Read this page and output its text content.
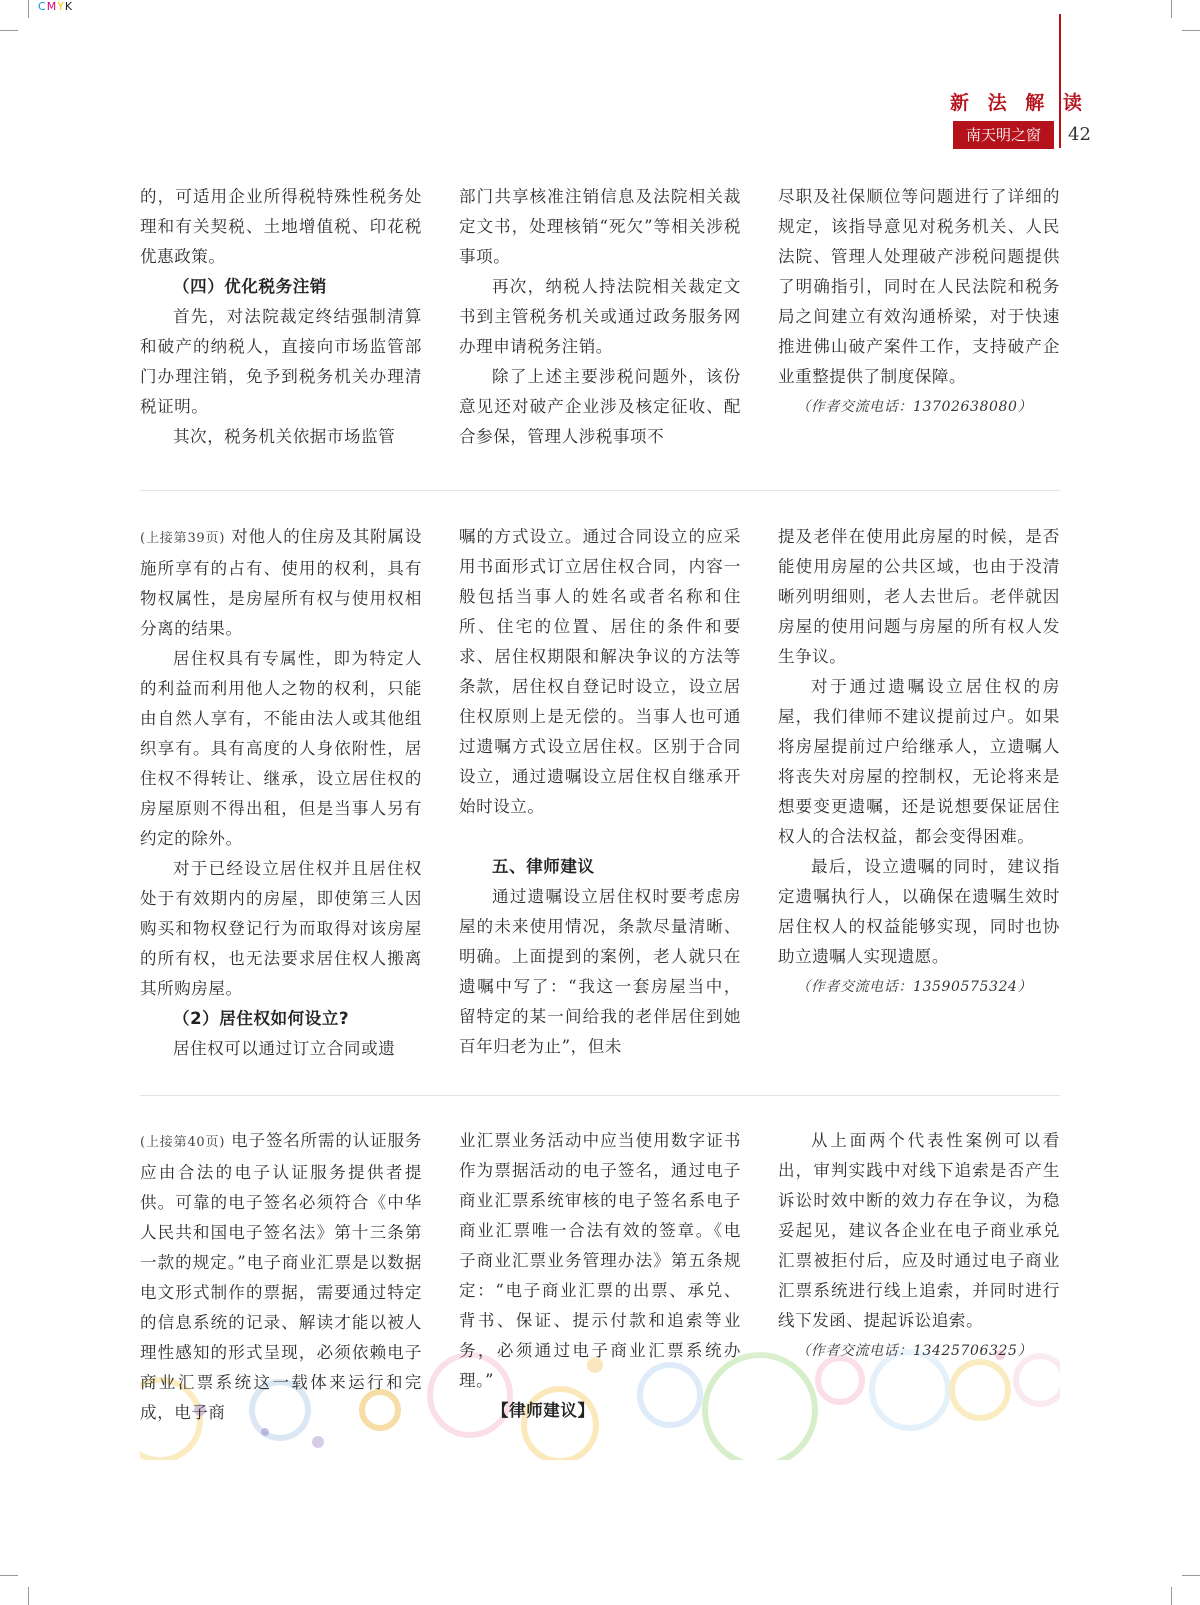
CMYK
新 法 解 读
南天明之窗	42

的，可适用企业所得税特殊性税务处理和有关契税、土地增值税、印花税优惠政策。

（四）优化税务注销

首先，对法院裁定终结强制清算和破产的纳税人，直接向市场监管部门办理注销，免予到税务机关办理清税证明。

其次，税务机关依据市场监管

部门共享核准注销信息及法院相关裁定文书，处理核销“死欠”等相关涉税事项。

再次，纳税人持法院相关裁定文书到主管税务机关或通过政务服务网办理申请税务注销。

除了上述主要涉税问题外，该份意见还对破产企业涉及核定征收、配合参保，管理人涉税事项不

尽职及社保顺位等问题进行了详细的规定，该指导意见对税务机关、人民法院、管理人处理破产涉税问题提供了明确指引，同时在人民法院和税务局之间建立有效沟通桥梁，对于快速推进佛山破产案件工作，支持破产企业重整提供了制度保障。

（作者交流电话：13702638080）

(上接第39页) 对他人的住房及其附属设施所享有的占有、使用的权利，具有物权属性，是房屋所有权与使用权相分离的结果。

居住权具有专属性，即为特定人的利益而利用他人之物的权利，只能由自然人享有，不能由法人或其他组织享有。具有高度的人身依附性，居住权不得转让、继承，设立居住权的房屋原则不得出租，但是当事人另有约定的除外。

对于已经设立居住权并且居住权处于有效期内的房屋，即使第三人因购买和物权登记行为而取得对该房屋的所有权，也无法要求居住权人搬离其所购房屋。

（2）居住权如何设立?

居住权可以通过订立合同或遗

嘱的方式设立。通过合同设立的应采用书面形式订立居住权合同，内容一般包括当事人的姓名或者名称和住所、住宅的位置、居住的条件和要求、居住权期限和解决争议的方法等条款，居住权自登记时设立，设立居住权原则上是无偿的。当事人也可通过遗嘱方式设立居住权。区别于合同设立，通过遗嘱设立居住权自继承开始时设立。

五、律师建议

通过遗嘱设立居住权时要考虑房屋的未来使用情况，条款尽量清晰、明确。上面提到的案例，老人就只在遗嘱中写了：“我这一套房屋当中，留特定的某一间给我的老伴居住到她百年归老为止”，但未

提及老伴在使用此房屋的时候，是否能使用房屋的公共区域，也由于没清晰列明细则，老人去世后。老伴就因房屋的使用问题与房屋的所有权人发生争议。

对于通过遗嘱设立居住权的房屋，我们律师不建议提前过户。如果将房屋提前过户给继承人，立遗嘱人将丧失对房屋的控制权，无论将来是想要变更遗嘱，还是说想要保证居住权人的合法权益，都会变得困难。

最后，设立遗嘱的同时，建议指定遗嘱执行人，以确保在遗嘱生效时居住权人的权益能够实现，同时也协助立遗嘱人实现遗愿。

（作者交流电话：13590575324）

(上接第40页) 电子签名所需的认证服务应由合法的电子认证服务提供者提供。可靠的电子签名必须符合《中华人民共和国电子签名法》第十三条第一款的规定。”电子商业汇票是以数据电文形式制作的票据，需要通过特定的信息系统的记录、解读才能以被人理性感知的形式呈现，必须依赖电子商业汇票系统这一载体来运行和完成，电子商

业汇票业务活动中应当使用数字证书作为票据活动的电子签名，通过电子商业汇票系统审核的电子签名系电子商业汇票唯一合法有效的签章。《电子商业汇票业务管理办法》第五条规定：“电子商业汇票的出票、承兑、背书、保证、提示付款和追索等业务，必须通过电子商业汇票系统办理。”

【律师建议】

从上面两个代表性案例可以看出，审判实践中对线下追索是否产生诉讼时效中断的效力存在争议，为稳妥起见，建议各企业在电子商业承兑汇票被拒付后，应及时通过电子商业汇票系统进行线上追索，并同时进行线下发函、提起诉讼追索。

（作者交流电话：13425706325）
